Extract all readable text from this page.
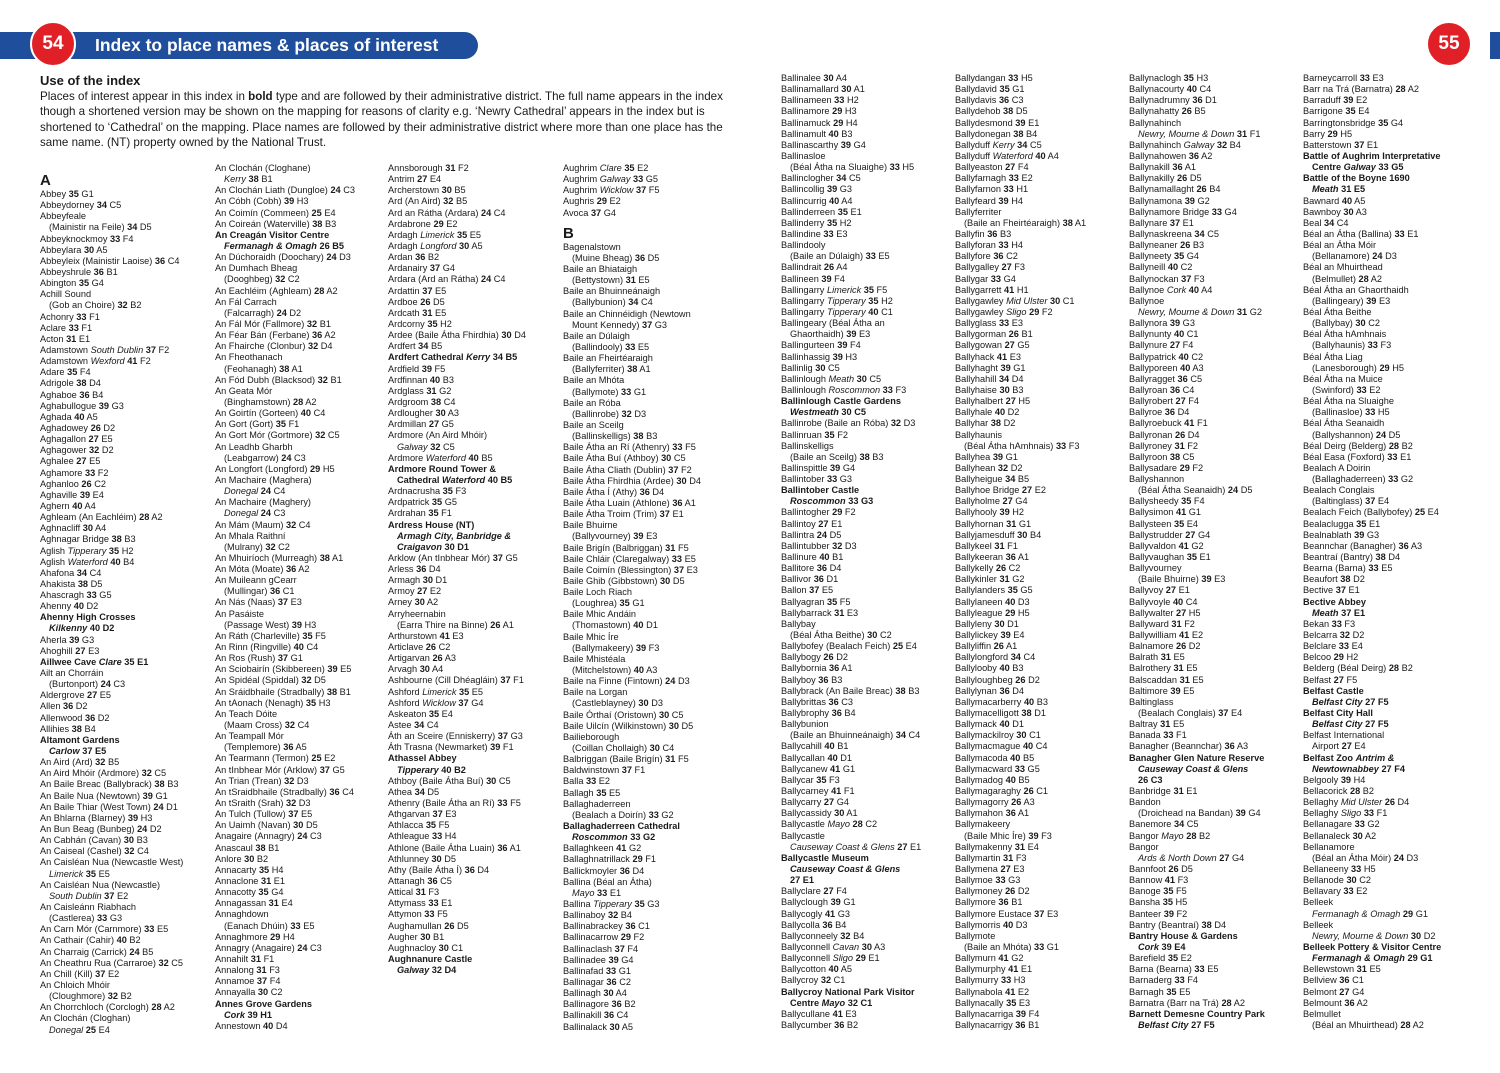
Index to place names & places of interest
54	55
Use of the index

Places of interest appear in this index in bold type and are followed by their administrative district. The full name appears in the index though a shortened version may be shown on the mapping for reasons of clarity e.g. ‘Newry Cathedral’ appears in the index but is shortened to ‘Cathedral’ on the mapping. Place names are followed by their administrative district where more than one place has the same name. (NT) property owned by the National Trust.

A
Abbey 35 G1
Abbeydorney 34 C5
Abbeyfeale
(Mainistir na Feile) 34 D5
Abbeyknockmoy 33 F4
Abbeylara 30 A5
Abbeyleix (Mainistir Laoise) 36 C4
Abbeyshrule 36 B1
Abington 35 G4
Achill Sound
(Gob an Choire) 32 B2
Achonry 33 F1
Aclare 33 F1
Acton 31 E1
Adamstown South Dublin 37 F2
Adamstown Wexford 41 F2
Adare 35 F4
Adrigole 38 D4
Aghaboe 36 B4
Aghabullogue 39 G3
Aghada 40 A5
Aghadowey 26 D2
Aghagallon 27 E5
Aghagower 32 D2
Aghalee 27 E5
Aghamore 33 F2
Aghanloo 26 C2
Aghaville 39 E4
Aghern 40 A4
Aghleam (An Eachléim) 28 A2
Aghnacliff 30 A4
Aghnagar Bridge 38 B3
Aglish Tipperary 35 H2
Aglish Waterford 40 B4
Ahafona 34 C4
Ahakista 38 D5
Ahascragh 33 G5
Ahenny 40 D2
Ahenny High Crosses
Kilkenny 40 D2
Aherla 39 G3
Ahoghill 27 E3
Aillwee Cave Clare 35 E1
Ailt an Chorráin
(Burtonport) 24 C3
Aldergrove 27 E5
Allen 36 D2
Allenwood 36 D2
Allihies 38 B4
Altamont Gardens
Carlow 37 E5
An Aird (Ard) 32 B5
An Aird Mhóir (Ardmore) 32 C5
An Baile Breac (Ballybrack) 38 B3
An Baile Nua (Newtown) 39 G1
An Baile Thiar (West Town) 24 D1
An Bhlarna (Blarney) 39 H3
An Bun Beag (Bunbeg) 24 D2
An Cabhán (Cavan) 30 B3
An Caiseal (Cashel) 32 C4
An Caisléan Nua (Newcastle West)
Limerick 35 E5
An Caisléan Nua (Newcastle)
South Dublin 37 E2
An Caisleánn Riabhach
(Castlerea) 33 G3
An Carn Mór (Carnmore) 33 E5
An Cathair (Cahir) 40 B2
An Charraig (Carrick) 24 B5
An Cheathru Rua (Carraroe) 32 C5
An Chill (Kill) 37 E2
An Chloich Mhóir
(Cloughmore) 32 B2
An Chorrchloch (Corclogh) 28 A2
An Clochán (Cloghan)
Donegal 25 E4
An Clochán (Cloghane)
Kerry 38 B1
An Clochán Liath (Dungloe) 24 C3
An Cóbh (Cobh) 39 H3
An Coimín (Commeen) 25 E4
An Coireán (Waterville) 38 B3
An Creagán Visitor Centre
Fermanagh & Omagh 26 B5
An Dúchoraidh (Doochary) 24 D3
An Dumhach Bheag
(Dooghbeg) 32 C2
An Eachléim (Aghleam) 28 A2
An Fál Carrach
(Falcarragh) 24 D2
An Fál Mór (Fallmore) 32 B1
An Féar Bán (Ferbane) 36 A2
An Fhairche (Clonbur) 32 D4
An Fheothanach
(Feohanagh) 38 A1
An Fód Dubh (Blacksod) 32 B1
An Geata Mór
(Binghamstown) 28 A2
An Goirtín (Gorteen) 40 C4
An Gort (Gort) 35 F1
An Gort Mór (Gortmore) 32 C5
An Leadhb Gharbh
(Leabgarrow) 24 C3
An Longfort (Longford) 29 H5
An Machaire (Maghera)
Donegal 24 C4
An Machaire (Maghery)
Donegal 24 C3
An Mám (Maum) 32 C4
An Mhala Raithní
(Mulrany) 32 C2
An Mhuiríoch (Murreagh) 38 A1
An Móta (Moate) 36 A2
An Muileann gCearr
(Mullingar) 36 C1
An Nás (Naas) 37 E3
An Pasáiste
(Passage West) 39 H3
An Ráth (Charleville) 35 F5
An Rinn (Ringville) 40 C4
An Ros (Rush) 37 G1
An Sciobairín (Skibbereen) 39 E5
An Spidéal (Spiddal) 32 D5
An Sráidbhaile (Stradbally) 38 B1
An tAonach (Nenagh) 35 H3
An Teach Dóite
(Maam Cross) 32 C4
An Teampall Mór
(Templemore) 36 A5
An Tearmann (Termon) 25 E2
An tInbhear Mór (Arklow) 37 G5
An Trian (Trean) 32 D3
An tSraidbhaile (Stradbally) 36 C4
An tSraith (Srah) 32 D3
An Tulch (Tullow) 37 E5
An Uaimh (Navan) 30 D5
Anagaire (Annagry) 24 C3
Anascaul 38 B1
Anlore 30 B2
Annacarty 35 H4
Annaclone 31 E1
Annacotty 35 G4
Annagassan 31 E4
Annaghdown
(Eanach Dhúin) 33 E5
Annaghmore 29 H4
Annagry (Anagaire) 24 C3
Annahilt 31 F1
Annalong 31 F3
Annamoe 37 F4
Annayalla 30 C2
Annes Grove Gardens
Cork 39 H1
Annestown 40 D4
Annsborough 31 F2
Antrim 27 E4
Archerstown 30 B5
Ard (An Aird) 32 B5
Ard an Rátha (Ardara) 24 C4
Ardabrone 29 E2
Ardagh Limerick 35 E5
Ardagh Longford 30 A5
Ardan 36 B2
Ardanairy 37 G4
Ardara (Ard an Rátha) 24 C4
Ardattin 37 E5
Ardboe 26 D5
Ardcath 31 E5
Ardcorny 35 H2
Ardee (Baile Átha Fhirdhia) 30 D4
Ardfert 34 B5
Ardfert Cathedral Kerry 34 B5
Ardfield 39 F5
Ardfinnan 40 B3
Ardglass 31 G2
Ardgroom 38 C4
Ardlougher 30 A3
Ardmillan 27 G5
Ardmore (An Aird Mhóir)
Galway 32 C5
Ardmore Waterford 40 B5
Ardmore Round Tower &
Cathedral Waterford 40 B5
Ardnacrusha 35 F3
Ardpatrick 35 G5
Ardrahan 35 F1
Ardress House (NT)
Armagh City, Banbridge &
Craigavon 30 D1
Arklow (An tInbhear Mór) 37 G5
Arless 36 D4
Armagh 30 D1
Armoy 27 E2
Arney 30 A2
Arryheernabin
(Earra Thire na Binne) 26 A1
Arthurstown 41 E3
Articlave 26 C2
Artigarvan 26 A3
Arvagh 30 A4
Ashbourne (Cill Dhéagláin) 37 F1
Ashford Limerick 35 E5
Ashford Wicklow 37 G4
Askeaton 35 E4
Astee 34 C4
Áth an Sceire (Enniskerry) 37 G3
Áth Trasna (Newmarket) 39 F1
Athassel Abbey
Tipperary 40 B2
Athboy (Baile Átha Buí) 30 C5
Athea 34 D5
Athenry (Baile Átha an Rí) 33 F5
Athgarvan 37 E3
Athlacca 35 F5
Athleague 33 H4
Athlone (Baile Átha Luain) 36 A1
Athlunney 30 D5
Athy (Baile Átha Í) 36 D4
Attanagh 36 C5
Attical 31 F3
Attymass 33 E1
Attymon 33 F5
Aughamullan 26 D5
Augher 30 B1
Aughnacloy 30 C1
Aughnanure Castle
Galway 32 D4
Aughrim Clare 35 E2
Aughrim Galway 33 G5
Aughrim Wicklow 37 F5
Aughris 29 E2
Avoca 37 G4
B
Bagenalstown
(Muine Bheag) 36 D5
Baile an Bhiataigh
(Bettystown) 31 E5
Baile an Bhuinneánaigh
(Ballybunion) 34 C4
Baile an Chinnéidigh (Newtown
Mount Kennedy) 37 G3
Baile an Dúlaigh
(Ballindooly) 33 E5
Baile an Fheirtéaraigh
(Ballyferriter) 38 A1
Baile an Mhóta
(Ballymote) 33 G1
Baile an Róba
(Ballinrobe) 32 D3
Baile an Sceilg
(Ballinskelligs) 38 B3
Baile Átha an Rí (Athenry) 33 F5
Baile Átha Buí (Athboy) 30 C5
Baile Átha Cliath (Dublin) 37 F2
Baile Átha Fhirdhia (Ardee) 30 D4
Baile Átha Í (Athy) 36 D4
Baile Átha Luain (Athlone) 36 A1
Baile Átha Troim (Trim) 37 E1
Baile Bhuirne
(Ballyvourney) 39 E3
Baile Brigín (Balbriggan) 31 F5
Baile Chláir (Claregalway) 33 E5
Baile Coimín (Blessington) 37 E3
Baile Ghib (Gibbstown) 30 D5
Baile Loch Riach
(Loughrea) 35 G1
Baile Mhic Andáin
(Thomastown) 40 D1
Baile Mhic Íre
(Ballymakeery) 39 F3
Baile Mhistéala
(Mitchelstown) 40 A3
Baile na Finne (Fintown) 24 D3
Baile na Lorgan
(Castleblayney) 30 D3
Baile Órthaí (Oristown) 30 C5
Baile Uilcín (Wilkinstown) 30 D5
Bailieborough
(Coillan Chollaigh) 30 C4
Balbriggan (Baile Brigín) 31 F5
Baldwinstown 37 F1
Balla 33 E2
Ballagh 35 E5
Ballaghaderreen
(Bealach a Doirín) 33 G2
Ballaghaderreen Cathedral
Roscommon 33 G2
Ballaghkeen 41 G2
Ballaghnatrillack 29 F1
Ballickmoyler 36 D4
Ballina (Béal an Átha)
Mayo 33 E1
Ballina Tipperary 35 G3
Ballinaboy 32 B4
Ballinabrackey 36 C1
Ballinacarrow 29 F2
Ballinaclash 37 F4
Ballinadee 39 G4
Ballinafad 33 G1
Ballinagar 36 C2
Ballinagh 30 A4
Ballinagore 36 B2
Ballinakill 36 C4
Ballinalack 30 A5
Ballinalee 30 A4
Ballinamallard 30 A1
Ballinameen 33 H2
Ballinamore 29 H3
Ballinamuck 29 H4
Ballinamult 40 B3
Ballinascarthy 39 G4
Ballinasloe
(Béal Átha na Sluaighe) 33 H5
Ballinclogher 34 C5
Ballincollig 39 G3
Ballincurrig 40 A4
Ballinderreen 35 E1
Ballinderry 35 H2
Ballindine 33 E3
Ballindooly
(Baile an Dúlaigh) 33 E5
Ballindrait 26 A4
Ballineen 39 F4
Ballingarry Limerick 35 F5
Ballingarry Tipperary 35 H2
Ballingarry Tipperary 40 C1
Ballingeary (Béal Átha an
Ghaorthaidh) 39 E3
Ballingurteen 39 F4
Ballinhassig 39 H3
Ballinlig 30 C5
Ballinlough Meath 30 C5
Ballinlough Roscommon 33 F3
Ballinlough Castle Gardens
Westmeath 30 C5
Ballinrobe (Baile an Róba) 32 D3
Ballinruan 35 F2
Ballinskelligs
(Baile an Sceilg) 38 B3
Ballinspittle 39 G4
Ballintober 33 G3
Ballintober Castle
Roscommon 33 G3
Ballintogher 29 F2
Ballintoy 27 E1
Ballintra 24 D5
Ballintubber 32 D3
Ballinure 40 B1
Ballitore 36 D4
Ballivor 36 D1
Ballon 37 E5
Ballyagran 35 F5
Ballybarrack 31 E3
Ballybay
(Béal Átha Beithe) 30 C2
Ballybofey (Bealach Feich) 25 E4
Ballybogy 26 D2
Ballybornia 36 A1
Ballyboy 36 B3
Ballybrack (An Baile Breac) 38 B3
Ballybrittas 36 C3
Ballybrophy 36 B4
Ballybunion
(Baile an Bhuinneánaigh) 34 C4
Ballycahill 40 B1
Ballycallan 40 D1
Ballycanew 41 G1
Ballycar 35 F3
Ballycarney 41 F1
Ballycarry 27 G4
Ballycassidy 30 A1
Ballycastle Mayo 28 C2
Ballycastle
Causeway Coast & Glens 27 E1
Ballycastle Museum
Causeway Coast & Glens
27 E1
Ballyclare 27 F4
Ballyclough 39 G1
Ballycogly 41 G3
Ballycolla 36 B4
Ballyconneely 32 B4
Ballyconnell Cavan 30 A3
Ballyconnell Sligo 29 E1
Ballycotton 40 A5
Ballycroy 32 C1
Ballycroy National Park Visitor
Centre Mayo 32 C1
Ballycullane 41 E3
Ballycumber 36 B2
Ballydangan 33 H5
Ballydavid 35 G1
Ballydavis 36 C3
Ballydehob 38 D5
Ballydesmond 39 E1
Ballydonegan 38 B4
Ballyduff Kerry 34 C5
Ballyduff Waterford 40 A4
Ballyeaston 27 F4
Ballyfarnagh 33 E2
Ballyfarnon 33 H1
Ballyfeard 39 H4
Ballyferriter
(Baile an Fheirtéaraigh) 38 A1
Ballyfin 36 B3
Ballyforan 33 H4
Ballyfore 36 C2
Ballygalley 27 F3
Ballygar 33 G4
Ballygarrett 41 H1
Ballygawley Mid Ulster 30 C1
Ballygawley Sligo 29 F2
Ballyglass 33 E3
Ballygorman 26 B1
Ballygowan 27 G5
Ballyhack 41 E3
Ballyhaght 39 G1
Ballyhahill 34 D4
Ballyhaise 30 B3
Ballyhalbert 27 H5
Ballyhale 40 D2
Ballyhar 38 D2
Ballyhaunis
(Béal Átha hAmhnais) 33 F3
Ballyhea 39 G1
Ballyhean 32 D2
Ballyheigue 34 B5
Ballyhoe Bridge 27 E2
Ballyholme 27 G4
Ballyhooly 39 H2
Ballyhornan 31 G1
Ballyjamesduff 30 B4
Ballykeel 31 F1
Ballykeeran 36 A1
Ballykelly 26 C2
Ballykinler 31 G2
Ballylanders 35 G5
Ballylaneen 40 D3
Ballyleague 29 H5
Ballyleny 30 D1
Ballylickey 39 E4
Ballyliffin 26 A1
Ballylongford 34 C4
Ballylooby 40 B3
Ballyloughbeg 26 D2
Ballylynan 36 D4
Ballymacarberry 40 B3
Ballymacelligott 38 D1
Ballymack 40 D1
Ballymackilroy 30 C1
Ballymacmague 40 C4
Ballymacoda 40 B5
Ballymacward 33 G5
Ballymadog 40 B5
Ballymagaraghy 26 C1
Ballymagorry 26 A3
Ballymahon 36 A1
Ballymakeery
(Baile Mhic Íre) 39 F3
Ballymakenny 31 E4
Ballymartin 31 F3
Ballymena 27 E3
Ballymoe 33 G3
Ballymoney 26 D2
Ballymore 36 B1
Ballymore Eustace 37 E3
Ballymorris 40 D3
Ballymote
(Baile an Mhóta) 33 G1
Ballymurn 41 G2
Ballymurphy 41 E1
Ballymurry 33 H3
Ballynabola 41 E2
Ballynacally 35 E3
Ballynacarriga 39 F4
Ballynacarrigy 36 B1
Ballynaclogh 35 H3
Ballynacourty 40 C4
Ballynadrumny 36 D1
Ballynahatty 26 B5
Ballynahinch
Newry, Mourne & Down 31 F1
Ballynahinch Galway 32 B4
Ballynahowen 36 A2
Ballynakill 36 A1
Ballynakilly 26 D5
Ballynamallaght 26 B4
Ballynamona 39 G2
Ballynamore Bridge 33 G4
Ballynare 37 E1
Ballynaskreena 34 C5
Ballyneaner 26 B3
Ballyneety 35 G4
Ballyneill 40 C2
Ballynockan 37 F3
Ballynoe Cork 40 A4
Ballynoe
Newry, Mourne & Down 31 G2
Ballynora 39 G3
Ballynunty 40 C1
Ballynure 27 F4
Ballypatrick 40 C2
Ballyporeen 40 A3
Ballyragget 36 C5
Ballyroan 36 C4
Ballyrobert 27 F4
Ballyroe 36 D4
Ballyroebuck 41 F1
Ballyronan 26 D4
Ballyroney 31 F2
Ballyroon 38 C5
Ballysadare 29 F2
Ballyshannon
(Béal Átha Seanaidh) 24 D5
Ballysheedy 35 F4
Ballysimon 41 G1
Ballysteen 35 E4
Ballystrudder 27 G4
Ballyvaldon 41 G2
Ballyvaughan 35 E1
Ballyvourney
(Baile Bhuirne) 39 E3
Ballyvoy 27 E1
Ballyvoyle 40 C4
Ballywalter 27 H5
Ballyward 31 F2
Ballywilliam 41 E2
Balnamore 26 D2
Balrath 31 E5
Balrothery 31 E5
Balscaddan 31 E5
Baltimore 39 E5
Baltinglass
(Bealach Conglais) 37 E4
Baltray 31 E5
Banada 33 F1
Banagher (Beannchar) 36 A3
Banagher Glen Nature Reserve
Causeway Coast & Glens
26 C3
Banbridge 31 E1
Bandon
(Droichead na Bandan) 39 G4
Banemore 34 C5
Bangor Mayo 28 B2
Bangor
Ards & North Down 27 G4
Bannfoot 26 D5
Bannow 41 F3
Banoge 35 F5
Bansha 35 H5
Banteer 39 F2
Bantry (Beantraí) 38 D4
Bantry House & Gardens
Cork 39 E4
Barefield 35 E2
Barna (Bearna) 33 E5
Barnaderg 33 F4
Barnagh 35 E5
Barnatra (Barr na Trá) 28 A2
Barnett Demesne Country Park
Belfast City 27 F5
Barneycarroll 33 E3
Barr na Trá (Barnatra) 28 A2
Barraduff 39 E2
Barrigone 35 E4
Barringtonsbridge 35 G4
Barry 29 H5
Batterstown 37 E1
Battle of Aughrim Interpretative
Centre Galway 33 G5
Battle of the Boyne 1690
Meath 31 E5
Bawnard 40 A5
Bawnboy 30 A3
Beal 34 C4
Béal an Átha (Ballina) 33 E1
Béal an Átha Móir
(Bellanamore) 24 D3
Béal an Mhuirthead
(Belmullet) 28 A2
Béal Átha an Ghaorthaidh
(Ballingeary) 39 E3
Béal Átha Beithe
(Ballybay) 30 C2
Béal Átha hAmhnais
(Ballyhaunis) 33 F3
Béal Átha Liag
(Lanesborough) 29 H5
Béal Átha na Muice
(Swinford) 33 E2
Béal Átha na Sluaighe
(Ballinasloe) 33 H5
Béal Átha Seanaidh
(Ballyshannon) 24 D5
Béal Deirg (Belderg) 28 B2
Béal Easa (Foxford) 33 E1
Bealach A Doirin
(Ballaghaderreen) 33 G2
Bealach Conglais
(Baltinglass) 37 E4
Bealach Feich (Ballybofey) 25 E4
Bealaclugga 35 E1
Bealnablath 39 G3
Beannchar (Banagher) 36 A3
Beantraí (Bantry) 38 D4
Bearna (Barna) 33 E5
Beaufort 38 D2
Bective 37 E1
Bective Abbey
Meath 37 E1
Bekan 33 F3
Belcarra 32 D2
Belclare 33 E4
Belcoo 29 H2
Belderg (Béal Deirg) 28 B2
Belfast 27 F5
Belfast Castle
Belfast City 27 F5
Belfast City Hall
Belfast City 27 F5
Belfast International
Airport 27 E4
Belfast Zoo Antrim &
Newtownabbey 27 F4
Belgooly 39 H4
Bellacorick 28 B2
Bellaghy Mid Ulster 26 D4
Bellaghy Sligo 33 F1
Bellanagare 33 G2
Bellanaleck 30 A2
Bellanamore
(Béal an Átha Móir) 24 D3
Bellaneeny 33 H5
Bellanode 30 C2
Bellavary 33 E2
Belleek
Fermanagh & Omagh 29 G1
Belleek
Newry, Mourne & Down 30 D2
Belleek Pottery & Visitor Centre
Fermanagh & Omagh 29 G1
Bellewstown 31 E5
Bellview 36 C1
Belmont 27 G4
Belmount 36 A2
Belmullet
(Béal an Mhuirthead) 28 A2
